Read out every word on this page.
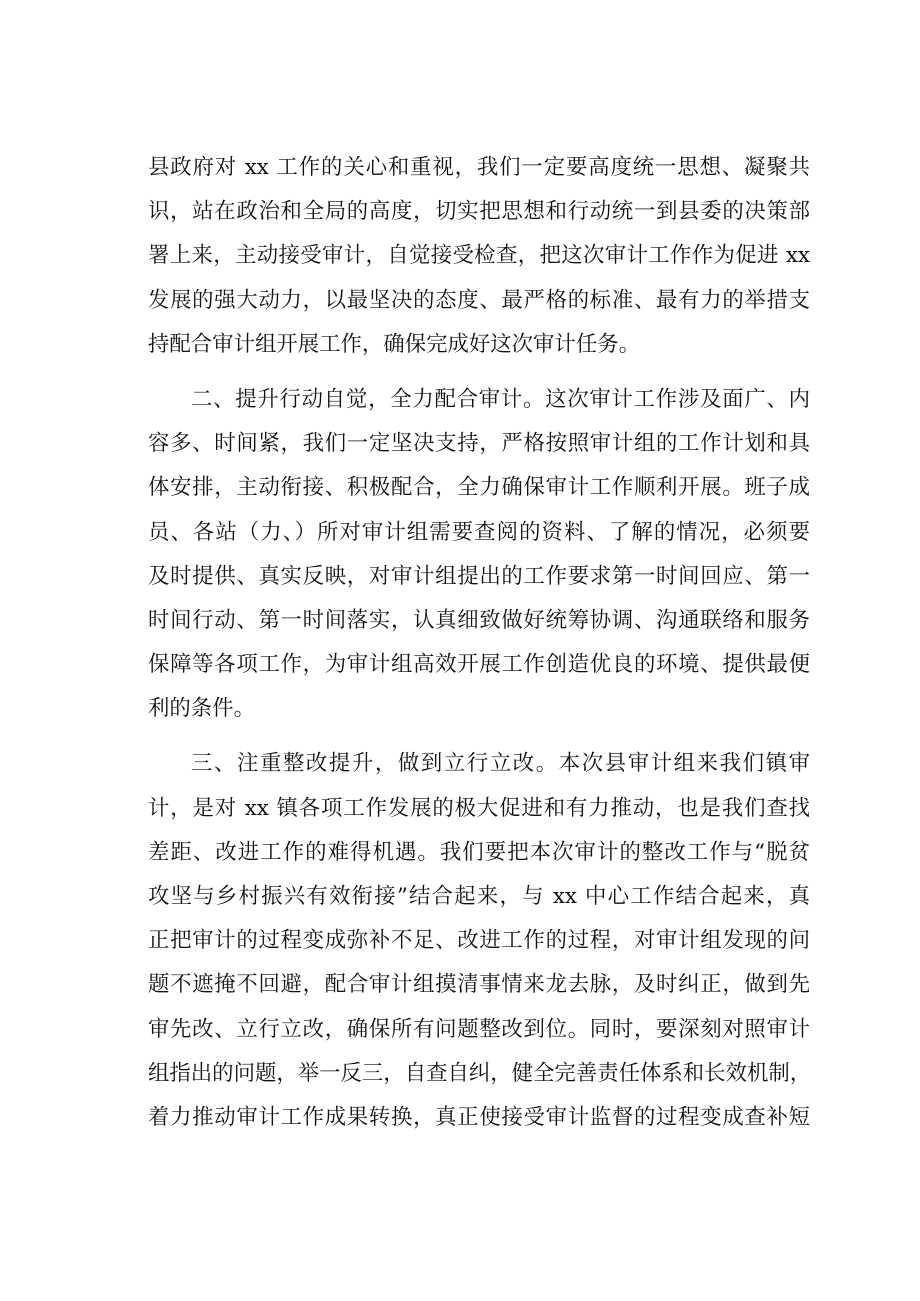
县政府对 xx 工作的关心和重视，我们一定要高度统一思想、凝聚共
识，站在政治和全局的高度，切实把思想和行动统一到县委的决策部
署上来，主动接受审计，自觉接受检查，把这次审计工作作为促进 xx
发展的强大动力，以最坚决的态度、最严格的标准、最有力的举措支
持配合审计组开展工作，确保完成好这次审计任务。
二、提升行动自觉，全力配合审计。这次审计工作涉及面广、内
容多、时间紧，我们一定坚决支持，严格按照审计组的工作计划和具
体安排，主动衔接、积极配合，全力确保审计工作顺利开展。班子成
员、各站（力、）所对审计组需要查阅的资料、了解的情况，必须要
及时提供、真实反映，对审计组提出的工作要求第一时间回应、第一
时间行动、第一时间落实，认真细致做好统筹协调、沟通联络和服务
保障等各项工作，为审计组高效开展工作创造优良的环境、提供最便
利的条件。
三、注重整改提升，做到立行立改。本次县审计组来我们镇审
计，是对 xx 镇各项工作发展的极大促进和有力推动，也是我们查找
差距、改进工作的难得机遇。我们要把本次审计的整改工作与“脱贫
攻坚与乡村振兴有效衔接”结合起来，与 xx 中心工作结合起来，真
正把审计的过程变成弥补不足、改进工作的过程，对审计组发现的问
题不遮掩不回避，配合审计组摸清事情来龙去脉，及时纠正，做到先
审先改、立行立改，确保所有问题整改到位。同时，要深刻对照审计
组指出的问题，举一反三，自查自纠，健全完善责任体系和长效机制，
着力推动审计工作成果转换，真正使接受审计监督的过程变成查补短
